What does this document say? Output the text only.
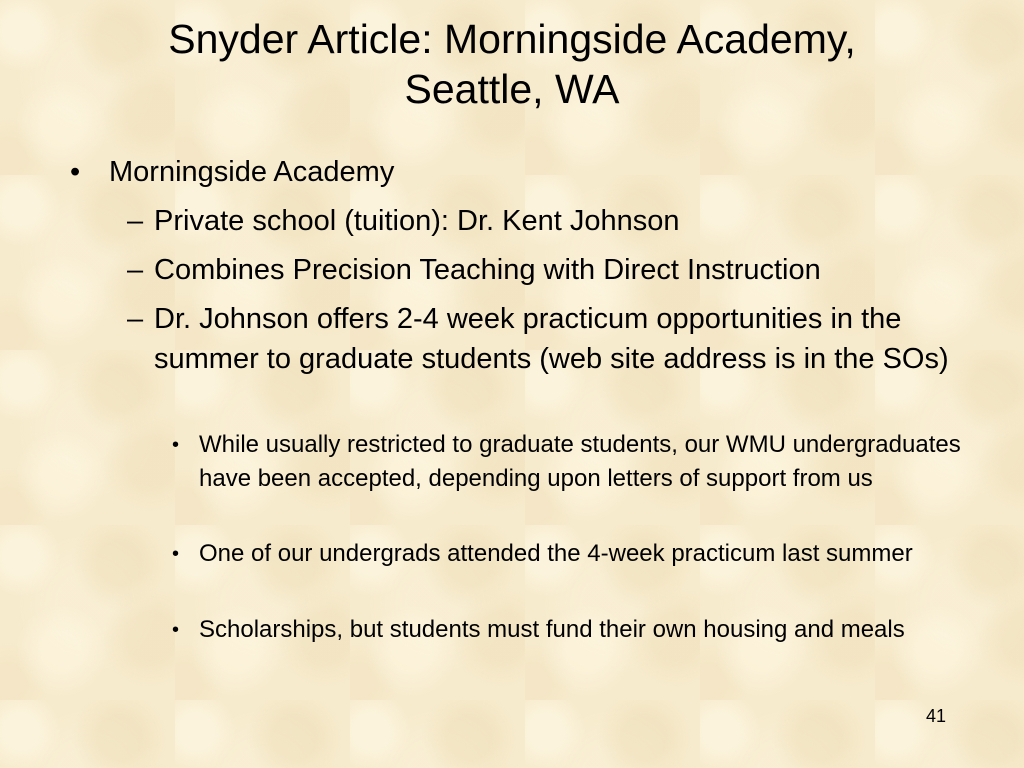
Snyder Article: Morningside Academy,
Seattle, WA
• Morningside Academy
– Private school (tuition): Dr. Kent Johnson
– Combines Precision Teaching with Direct Instruction
– Dr. Johnson offers 2-4 week practicum opportunities in the summer to graduate students (web site address is in the SOs)
• While usually restricted to graduate students, our WMU undergraduates have been accepted, depending upon letters of support from us
• One of our undergrads attended the 4-week practicum last summer
• Scholarships, but students must fund their own housing and meals
41
